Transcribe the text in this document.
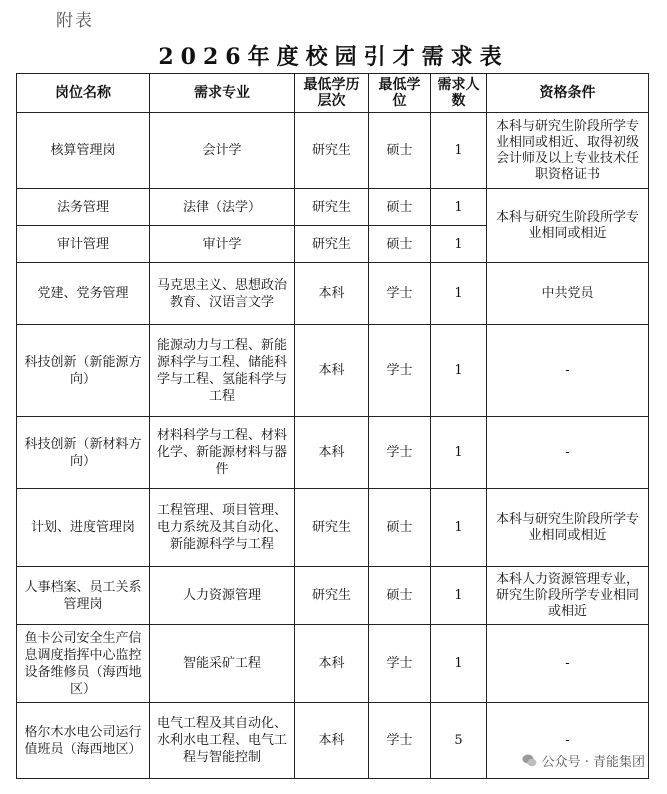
附表
2026年度校园引才需求表
岗位名称	需求专业	最低学历层次	最低学位	需求人数	资格条件
核算管理岗	会计学	研究生	硕士	1	本科与研究生阶段所学专业相同或相近、取得初级会计师及以上专业技术任职资格证书
法务管理	法律（法学）	研究生	硕士	1	本科与研究生阶段所学专业相同或相近
审计管理	审计学	研究生	硕士	1	
党建、党务管理	马克思主义、思想政治教育、汉语言文学	本科	学士	1	中共党员
科技创新（新能源方向）	能源动力与工程、新能源科学与工程、储能科学与工程、氢能科学与工程	本科	学士	1	-
科技创新（新材料方向）	材料科学与工程、材料化学、新能源材料与器件	本科	学士	1	-
计划、进度管理岗	工程管理、项目管理、电力系统及其自动化、新能源科学与工程	研究生	硕士	1	本科与研究生阶段所学专业相同或相近
人事档案、员工关系管理岗	人力资源管理	研究生	硕士	1	本科人力资源管理专业，研究生阶段所学专业相同或相近
鱼卡公司安全生产信息调度指挥中心监控设备维修员（海西地区）	智能采矿工程	本科	学士	1	-
格尔木水电公司运行值班员（海西地区）	电气工程及其自动化、水利水电工程、电气工程与智能控制	本科	学士	5	-
公众号 · 青能集团
